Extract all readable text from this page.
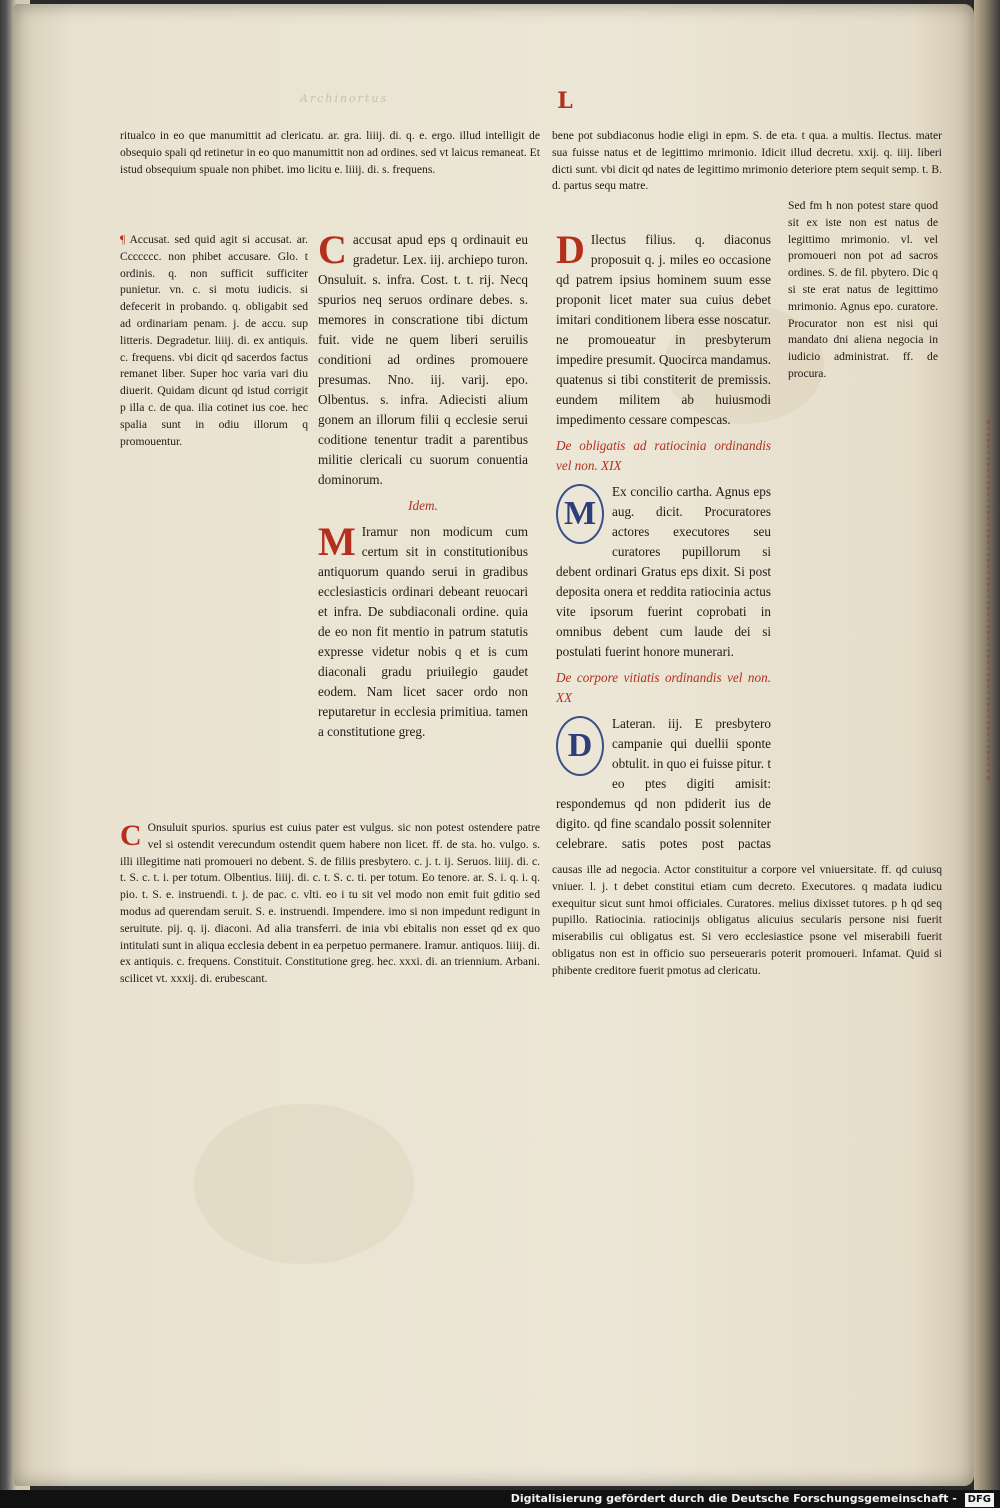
Archinortus	L
ritualco in eo que manumittit ad clericatu. ar. gra. liiij. di. q. e. ergo. illud intelligit de obsequio spali qd retinetur in eo quo manumittit non ad ordines. sed vt laicus remaneat. Et istud obsequium spuale non phibet. imo licitu e. liiij. di. s. frequens.
¶ Accusat. sed quid agit si accusat. ar. Ccccccc. non phibet accusare. Glo. t ordinis. q. non sufficit sufficiter punietur. vn. c. si motu iudicis. si defecerit in probando. q. obligabit sed ad ordinariam penam. j. de accu. sup litteris. Degradetur. liiij. di. ex antiquis. c. frequens. vbi dicit qd sacerdos factus remanet liber. Super hoc varia vari diu diuerit. Quidam dicunt qd istud corrigit p illa c. de qua. ilia cotinet ius coe. hec spalia sunt in odiu illorum q promouentur.

C accusat apud eps q ordinauit eu gradetur. Lex. iij. archiepo turon. Onsuluit. s. infra. Cost. t. t. rij. Necq spurios neq seruos ordinare debes. s. memores in conscratione tibi dictum fuit. vide ne quem liberi seruilis conditioni ad ordines promouere presumas. Nno. iij. varij. epo. Olbentus. s. infra. Adiecisti alium gonem an illorum filii q ecclesie serui coditione tenentur tradit a parentibus militie clericali cu suorum conuentia dominorum.

Idem.

M Iramur non modicum cum certum sit in constitutionibus antiquorum quando serui in gradibus ecclesiasticis ordinari debeant reuocari et infra. De subdiaconali ordine. quia de eo non fit mentio in patrum statutis expresse videtur nobis q et is cum diaconali gradu priuilegio gaudet eodem. Nam licet sacer ordo non reputaretur in ecclesia primitiua. tamen a constitutione greg.

C Onsuluit spurios. spurius est cuius pater est vulgus. sic non potest ostendere patre vel si ostendit verecundum ostendit quem habere non licet. ff. de sta. ho. vulgo. s. illi illegitime nati promoueri no debent. S. de filiis presbytero. c. j. t. ij. Seruos. liiij. di. c. t. S. c. t. i. per totum. Olbentius. liiij. di. c. t. S. c. ti. per totum. Eo tenore. ar. S. i. q. i. q. pio. t. S. e. instruendi. t. j. de pac. c. vlti. eo i tu sit vel modo non emit fuit gditio sed modus ad querendam seruit. S. e. instruendi. Impendere. imo si non impedunt redigunt in seruitute. pij. q. ij. diaconi. Ad alia transferri. de inia vbi ebitalis non esset qd ex quo intitulati sunt in aliqua ecclesia debent in ea perpetuo permanere. Iramur. antiquos. liiij. di. ex antiquis. c. frequens. Constituit. Constitutione greg. hec. xxxi. di. an triennium. Arbani. scilicet vt. xxxij. di. erubescant.
bene pot subdiaconus hodie eligi in epm. S. de eta. t qua. a multis. Ilectus. mater sua fuisse natus et de legittimo mrimonio. Idicit illud decretu. xxij. q. iiij. liberi dicti sunt. vbi dicit qd nates de legittimo mrimonio deteriore ptem sequit semp. t. B. d. partus sequ matre.

D Ilectus filius. q. diaconus proposuit q. j. miles eo occasione qd patrem ipsius hominem suum esse proponit licet mater sua cuius debet imitari conditionem libera esse noscatur. ne promoueatur in presbyterum impedire presumit. Quocirca mandamus. quatenus si tibi constiterit de premissis. eundem militem ab huiusmodi impedimento cessare compescas.

De obligatis ad ratiocinia ordinandis vel non. XIX

M
Ex concilio cartha. Agnus eps aug. dicit. Procuratores actores executores seu curatores pupillorum si debent ordinari Gratus eps dixit. Si post deposita onera et reddita ratiocinia actus vite ipsorum fuerint coprobati in omnibus debent cum laude dei si postulati fuerint honore munerari.

De corpore vitiatis ordinandis vel non. XX

D
Lateran. iij. E presbytero campanie qui duellii sponte obtulit. in quo ei fuisse pitur. t eo ptes digiti amisit: respondemus qd non pdiderit ius de digito. qd fine scandalo possit solenniter celebrare. satis potes post pactas

Sed fm h non potest stare quod sit ex iste non est natus de legittimo mrimonio. vl. vel promoueri non pot ad sacros ordines. S. de fil. pbytero. Dic q si ste erat natus de legittimo mrimonio. Agnus epo. curatore. Procurator non est nisi qui mandato dni aliena negocia in iudicio administrat. ff. de procura.
causas ille ad negocia. Actor constituitur a corpore vel vniuersitate. ff. qd cuiusq vniuer. l. j. t debet constitui etiam cum decreto. Executores. q madata iudicu exequitur sicut sunt hmoi officiales. Curatores. melius dixisset tutores. p h qd seq pupillo. Ratiocinia. ratiocinijs obligatus alicuius secularis persone nisi fuerit miserabilis cui obligatus est. Si vero ecclesiastice psone vel miserabili fuerit obligatus non est in officio suo perseueraris poterit promoueri. Infamat. Quid si phibente creditore fuerit pmotus ad clericatu.
Digitalisierung gefördert durch die Deutsche Forschungsgemeinschaft - DFG
